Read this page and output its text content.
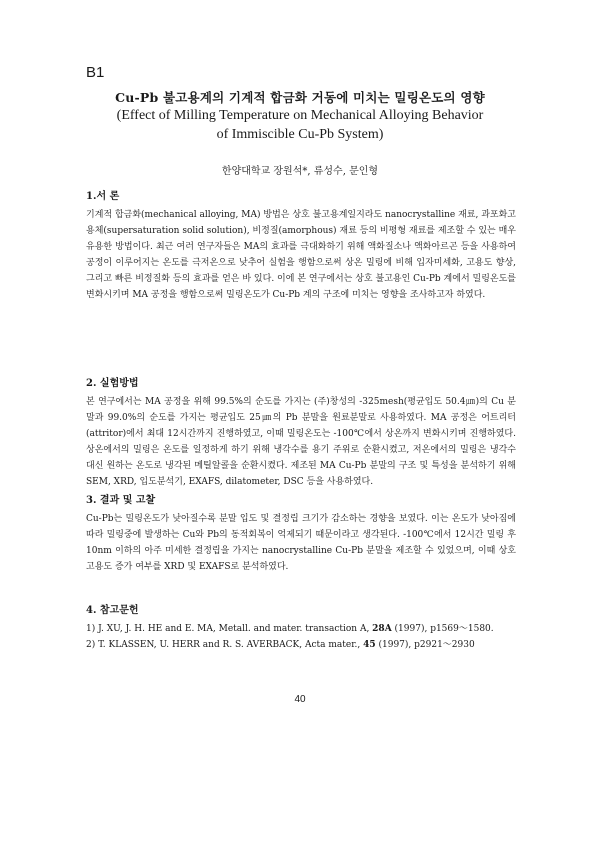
B1
Cu-Pb 불고용계의 기계적 합금화 거동에 미치는 밀링온도의 영향
(Effect of Milling Temperature on Mechanical Alloying Behavior
of Immiscible Cu-Pb System)
한양대학교 장원석*, 류성수, 문인형
1.서 론

기계적 합금화(mechanical alloying, MA) 방법은 상호 불고용계일지라도 nanocrystalline 재료, 과포화고용체(supersaturation solid solution), 비정질(amorphous) 재료 등의 비평형 재료를 제조할 수 있는 매우 유용한 방법이다. 최근 여러 연구자들은 MA의 효과를 극대화하기 위해 액화질소나 액화아르곤 등을 사용하여 공정이 이루어지는 온도를 극저온으로 낮추어 실험을 행함으로써 상온 밀링에 비해 입자미세화, 고용도 향상, 그리고 빠른 비정질화 등의 효과를 얻은 바 있다. 이에 본 연구에서는 상호 불고용인 Cu-Pb 계에서 밀링온도를 변화시키며 MA 공정을 행함으로써 밀링온도가 Cu-Pb 계의 구조에 미치는 영향을 조사하고자 하였다.

2. 실험방법

본 연구에서는 MA 공정을 위해 99.5%의 순도를 가지는 (주)창성의 -325mesh(평균입도 50.4㎛)의 Cu 분말과 99.0%의 순도를 가지는 평균입도 25㎛의 Pb 분말을 원료분말로 사용하였다. MA 공정은 어트리터(attritor)에서 최대 12시간까지 진행하였고, 이때 밀링온도는 -100℃에서 상온까지 변화시키며 진행하였다. 상온에서의 밀링은 온도를 일정하게 하기 위해 냉각수를 용기 주위로 순환시켰고, 저온에서의 밀링은 냉각수 대신 원하는 온도로 냉각된 메틸알콜을 순환시켰다. 제조된 MA Cu-Pb 분말의 구조 및 특성을 분석하기 위해 SEM, XRD, 입도분석기, EXAFS, dilatometer, DSC 등을 사용하였다.

3. 결과 및 고찰

Cu-Pb는 밀링온도가 낮아질수록 분말 입도 및 결정립 크기가 감소하는 경향을 보였다. 이는 온도가 낮아짐에 따라 밀링중에 발생하는 Cu와 Pb의 동적회복이 억제되기 때문이라고 생각된다. -100℃에서 12시간 밀링 후 10nm 이하의 아주 미세한 결정립을 가지는 nanocrystalline Cu-Pb 분말을 제조할 수 있었으며, 이때 상호고용도 증가 여부를 XRD 및 EXAFS로 분석하였다.

4. 참고문헌

1) J. XU, J. H. HE and E. MA, Metall. and mater. transaction A, 28A (1997), p1569～1580.

2) T. KLASSEN, U. HERR and R. S. AVERBACK, Acta mater., 45 (1997), p2921～2930

40
